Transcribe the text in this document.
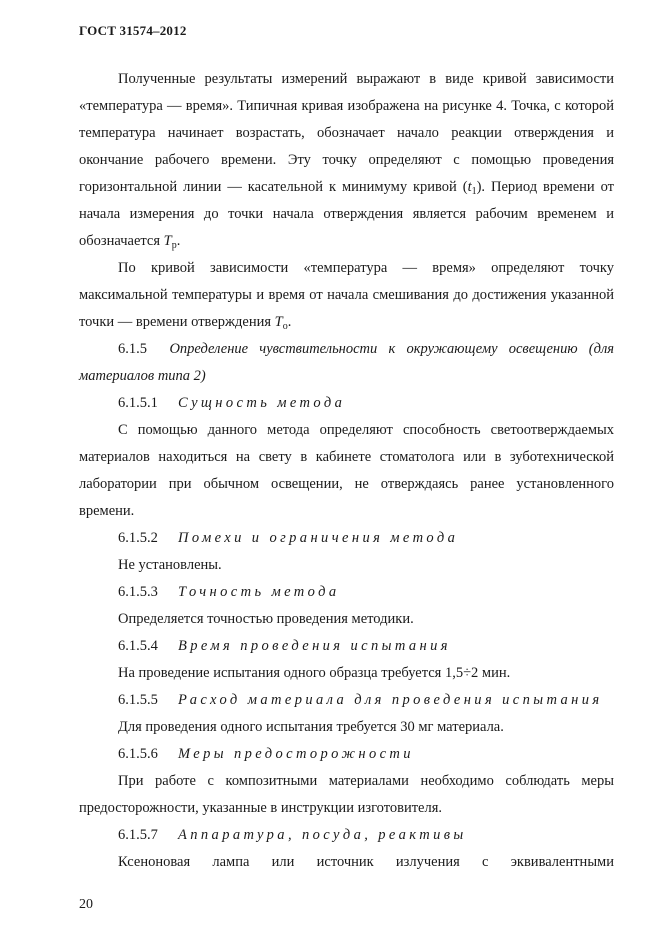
ГОСТ 31574–2012

Полученные результаты измерений выражают в виде кривой зависимости «температура — время». Типичная кривая изображена на рисунке 4. Точка, с которой температура начинает возрастать, обозначает начало реакции отверждения и окончание рабочего времени. Эту точку определяют с помощью проведения горизонтальной линии — касательной к минимуму кривой $(t_1)$. Период времени от начала измерения до точки начала отверждения является рабочим временем и обозначается $T_р$.

По кривой зависимости «температура — время» определяют точку максимальной температуры и время от начала смешивания до достижения указанной точки — времени отверждения $T_о$.

6.1.5 Определение чувствительности к окружающему освещению (для материалов типа 2)

6.1.5.1 Сущность метода

С помощью данного метода определяют способность светоотверждаемых материалов находиться на свету в кабинете стоматолога или в зуботехнической лаборатории при обычном освещении, не отверждаясь ранее установленного времени.

6.1.5.2 Помехи и ограничения метода

Не установлены.

6.1.5.3 Точность метода

Определяется точностью проведения методики.

6.1.5.4 Время проведения испытания

На проведение испытания одного образца требуется 1,5÷2 мин.

6.1.5.5 Расход материала для проведения испытания

Для проведения одного испытания требуется 30 мг материала.

6.1.5.6 Меры предосторожности

При работе с композитными материалами необходимо соблюдать меры предосторожности, указанные в инструкции изготовителя.

6.1.5.7 Аппаратура, посуда, реактивы

Ксеноновая лампа или источник излучения с эквивалентными

20
